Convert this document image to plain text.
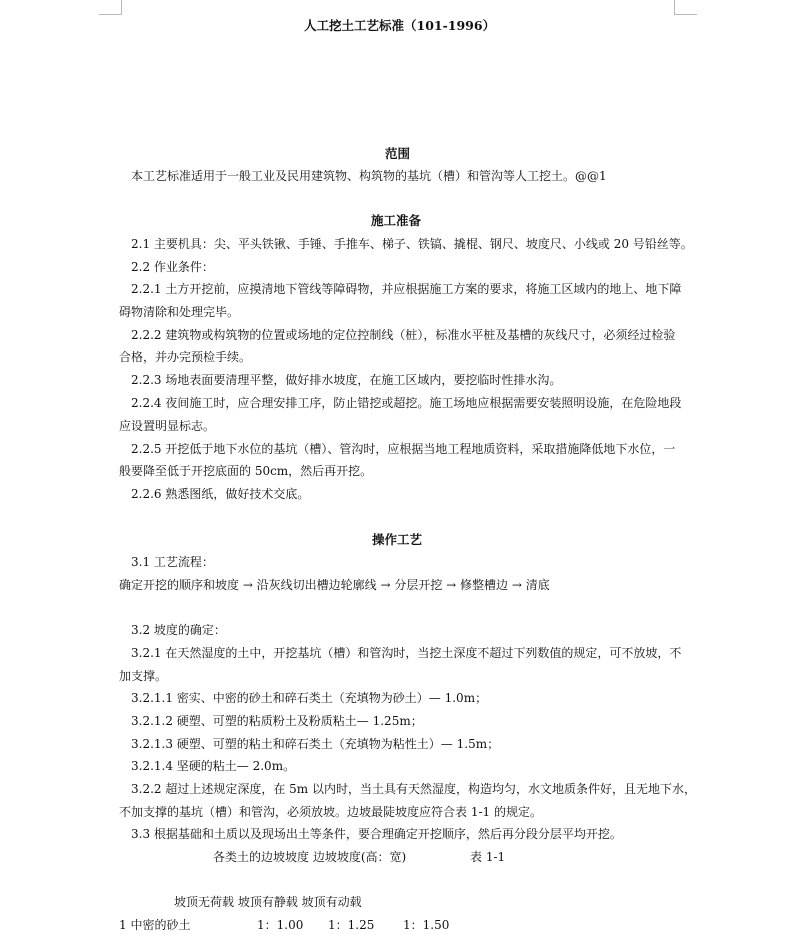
人工挖土工艺标准（101-1996）
范围
本工艺标准适用于一般工业及民用建筑物、构筑物的基坑（槽）和管沟等人工挖土。@@1
施工准备
2.1 主要机具：尖、平头铁锹、手锤、手推车、梯子、铁镐、撬棍、钢尺、坡度尺、小线或 20 号铅丝等。
2.2 作业条件：
2.2.1 土方开挖前，应摸清地下管线等障碍物，并应根据施工方案的要求，将施工区域内的地上、地下障
碍物清除和处理完毕。
2.2.2 建筑物或构筑物的位置或场地的定位控制线（桩），标准水平桩及基槽的灰线尺寸，必须经过检验
合格，并办完预检手续。
2.2.3 场地表面要清理平整，做好排水坡度，在施工区域内，要挖临时性排水沟。
2.2.4 夜间施工时，应合理安排工序，防止错挖或超挖。施工场地应根据需要安装照明设施，在危险地段
应设置明显标志。
2.2.5 开挖低于地下水位的基坑（槽）、管沟时，应根据当地工程地质资料，采取措施降低地下水位，一
般要降至低于开挖底面的 50cm，然后再开挖。
2.2.6 熟悉图纸，做好技术交底。
操作工艺
3.1 工艺流程：
确定开挖的顺序和坡度 → 沿灰线切出槽边轮廓线 → 分层开挖 → 修整槽边 → 清底
3.2 坡度的确定：
3.2.1 在天然湿度的土中，开挖基坑（槽）和管沟时，当挖土深度不超过下列数值的规定，可不放坡，不
加支撑。
3.2.1.1 密实、中密的砂土和碎石类土（充填物为砂土）— 1.0m；
3.2.1.2 硬塑、可塑的粘质粉土及粉质粘土— 1.25m；
3.2.1.3 硬塑、可塑的粘土和碎石类土（充填物为粘性土）— 1.5m；
3.2.1.4 坚硬的粘土— 2.0m。
3.2.2 超过上述规定深度，在 5m 以内时，当土具有天然湿度，构造均匀，水文地质条件好，且无地下水，
不加支撑的基坑（槽）和管沟，必须放坡。边坡最陡坡度应符合表 1-1 的规定。
3.3 根据基础和土质以及现场出土等条件，要合理确定开挖顺序，然后再分段分层平均开挖。
各类土的边坡坡度 边坡坡度(高：宽)	表 1-1
坡顶无荷载 坡顶有静载 坡顶有动载
1 中密的砂土	1：1.00 1：1.25 1：1.50
